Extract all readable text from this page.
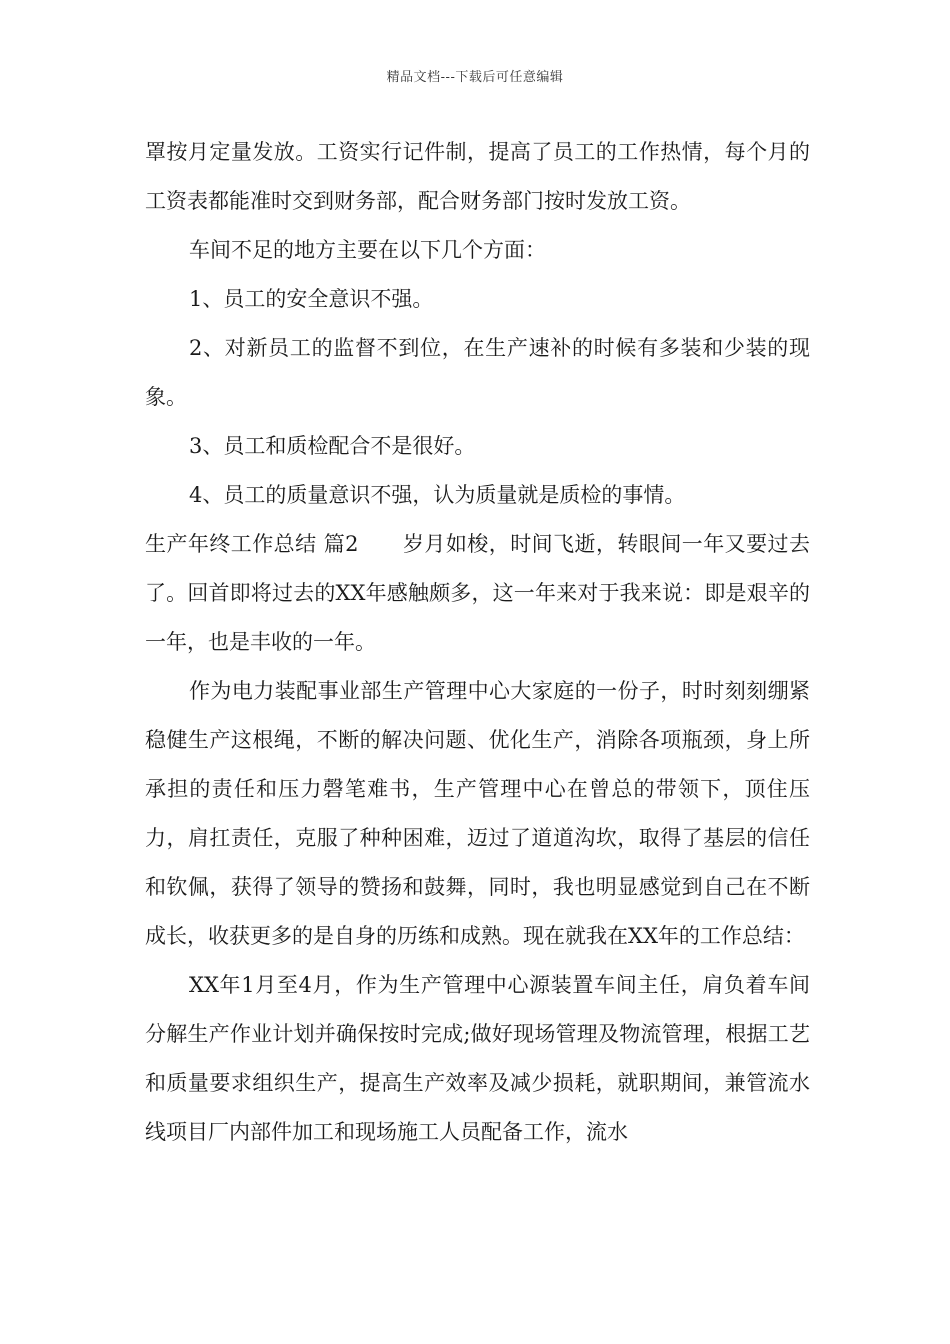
精品文档---下载后可任意编辑

罩按月定量发放。工资实行记件制，提高了员工的工作热情，每个月的工资表都能准时交到财务部，配合财务部门按时发放工资。

车间不足的地方主要在以下几个方面：

1、员工的安全意识不强。

2、对新员工的监督不到位，在生产速补的时候有多装和少装的现象。

3、员工和质检配合不是很好。

4、员工的质量意识不强，认为质量就是质检的事情。

生产年终工作总结 篇2 岁月如梭，时间飞逝，转眼间一年又要过去了。回首即将过去的XX年感触颇多，这一年来对于我来说：即是艰辛的一年，也是丰收的一年。

作为电力装配事业部生产管理中心大家庭的一份子，时时刻刻绷紧稳健生产这根绳，不断的解决问题、优化生产，消除各项瓶颈，身上所承担的责任和压力磬笔难书，生产管理中心在曾总的带领下，顶住压力，肩扛责任，克服了种种困难，迈过了道道沟坎，取得了基层的信任和钦佩，获得了领导的赞扬和鼓舞，同时，我也明显感觉到自己在不断成长，收获更多的是自身的历练和成熟。现在就我在XX年的工作总结：

XX年1月至4月，作为生产管理中心源装置车间主任，肩负着车间分解生产作业计划并确保按时完成;做好现场管理及物流管理，根据工艺和质量要求组织生产，提高生产效率及减少损耗，就职期间，兼管流水线项目厂内部件加工和现场施工人员配备工作，流水
